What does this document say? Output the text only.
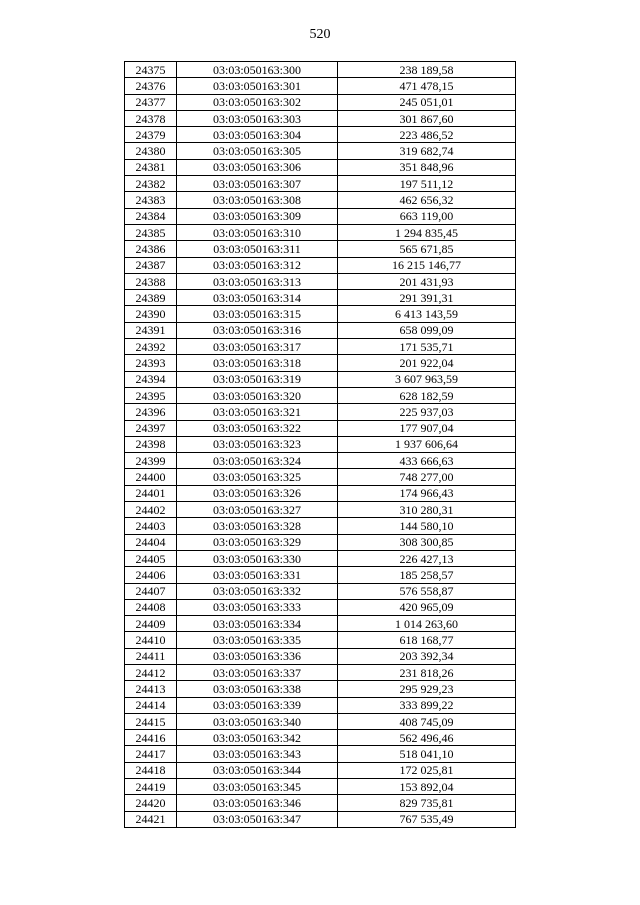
520
24375	03:03:050163:300	238 189,58
24376	03:03:050163:301	471 478,15
24377	03:03:050163:302	245 051,01
24378	03:03:050163:303	301 867,60
24379	03:03:050163:304	223 486,52
24380	03:03:050163:305	319 682,74
24381	03:03:050163:306	351 848,96
24382	03:03:050163:307	197 511,12
24383	03:03:050163:308	462 656,32
24384	03:03:050163:309	663 119,00
24385	03:03:050163:310	1 294 835,45
24386	03:03:050163:311	565 671,85
24387	03:03:050163:312	16 215 146,77
24388	03:03:050163:313	201 431,93
24389	03:03:050163:314	291 391,31
24390	03:03:050163:315	6 413 143,59
24391	03:03:050163:316	658 099,09
24392	03:03:050163:317	171 535,71
24393	03:03:050163:318	201 922,04
24394	03:03:050163:319	3 607 963,59
24395	03:03:050163:320	628 182,59
24396	03:03:050163:321	225 937,03
24397	03:03:050163:322	177 907,04
24398	03:03:050163:323	1 937 606,64
24399	03:03:050163:324	433 666,63
24400	03:03:050163:325	748 277,00
24401	03:03:050163:326	174 966,43
24402	03:03:050163:327	310 280,31
24403	03:03:050163:328	144 580,10
24404	03:03:050163:329	308 300,85
24405	03:03:050163:330	226 427,13
24406	03:03:050163:331	185 258,57
24407	03:03:050163:332	576 558,87
24408	03:03:050163:333	420 965,09
24409	03:03:050163:334	1 014 263,60
24410	03:03:050163:335	618 168,77
24411	03:03:050163:336	203 392,34
24412	03:03:050163:337	231 818,26
24413	03:03:050163:338	295 929,23
24414	03:03:050163:339	333 899,22
24415	03:03:050163:340	408 745,09
24416	03:03:050163:342	562 496,46
24417	03:03:050163:343	518 041,10
24418	03:03:050163:344	172 025,81
24419	03:03:050163:345	153 892,04
24420	03:03:050163:346	829 735,81
24421	03:03:050163:347	767 535,49
